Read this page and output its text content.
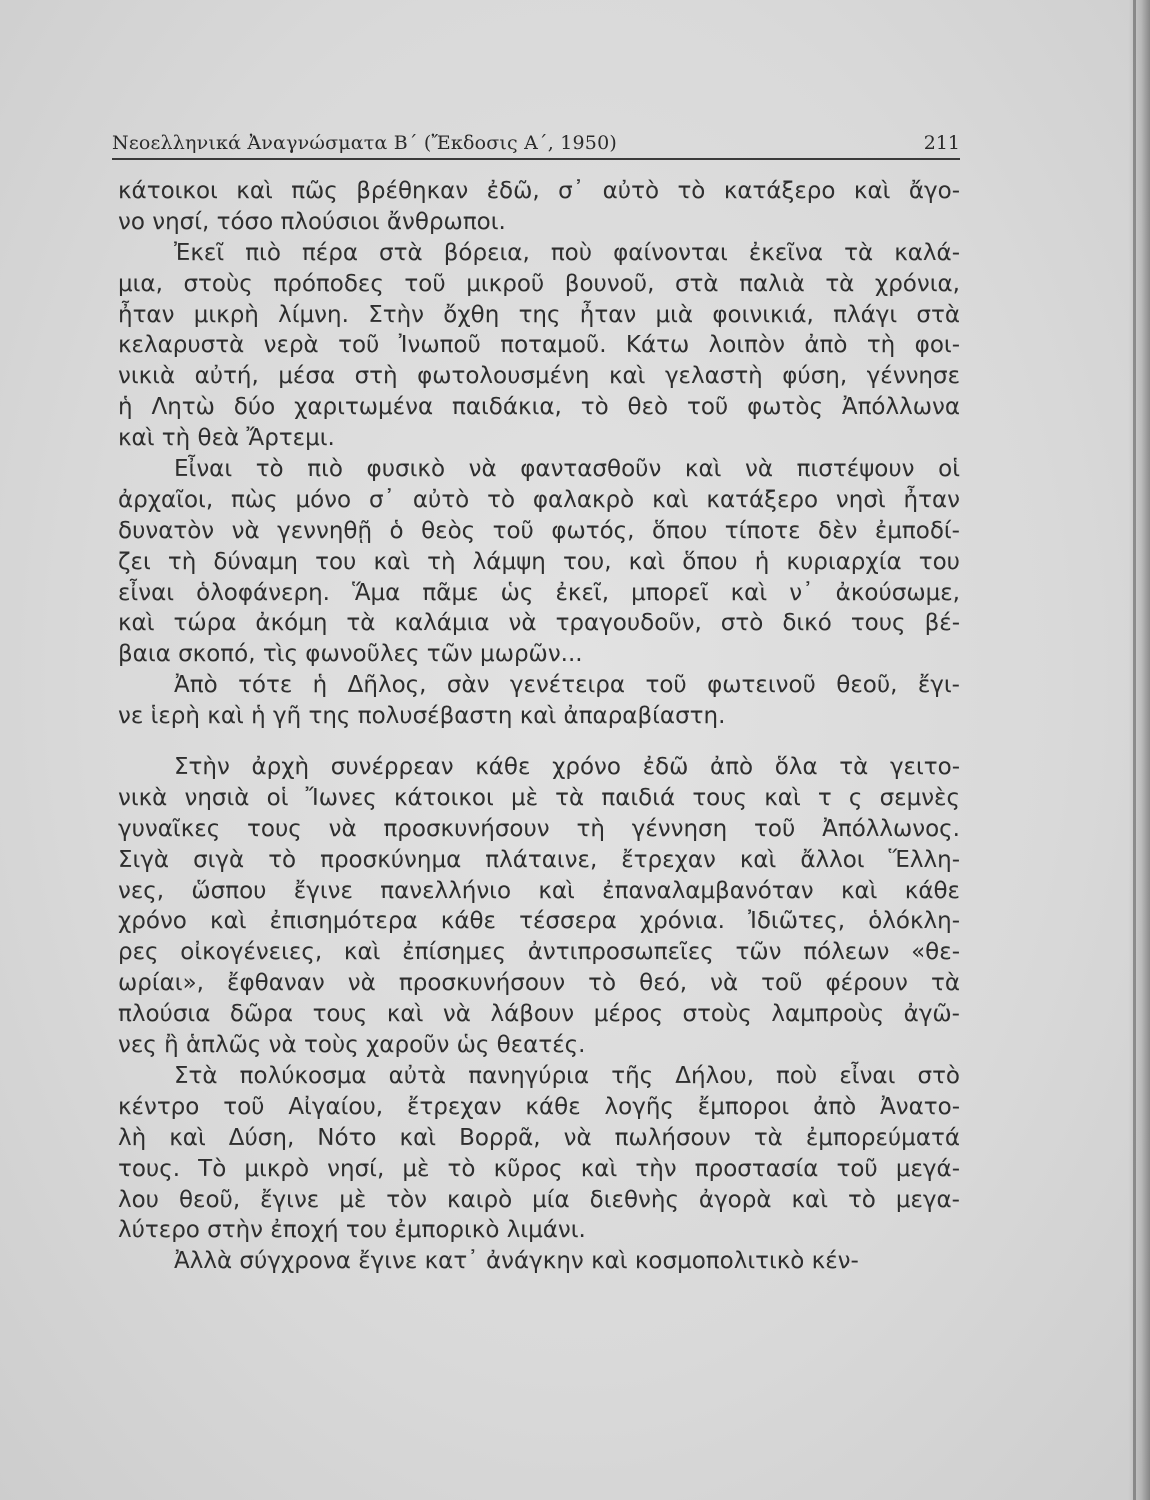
Νεοελληνικά Ἀναγνώσματα Β΄ (Ἔκδοσις Α΄, 1950)	211
κάτοικοι καὶ πῶς βρέθηκαν ἐδῶ, σ᾿ αὐτὸ τὸ κατάξερο καὶ ἄγο-
νο νησί, τόσο πλούσιοι ἄνθρωποι.
Ἐκεῖ πιὸ πέρα στὰ βόρεια, ποὺ φαίνονται ἐκεῖνα τὰ καλά-
μια, στοὺς πρόποδες τοῦ μικροῦ βουνοῦ, στὰ παλιὰ τὰ χρόνια,
ἦταν μικρὴ λίμνη. Στὴν ὄχθη της ἦταν μιὰ φοινικιά, πλάγι στὰ
κελαρυστὰ νερὰ τοῦ Ἰνωποῦ ποταμοῦ. Κάτω λοιπὸν ἀπὸ τὴ φοι-
νικιὰ αὐτή, μέσα στὴ φωτολουσμένη καὶ γελαστὴ φύση, γέννησε
ἡ Λητὼ δύο χαριτωμένα παιδάκια, τὸ θεὸ τοῦ φωτὸς Ἀπόλλωνα
καὶ τὴ θεὰ Ἄρτεμι.
Εἶναι τὸ πιὸ φυσικὸ νὰ φαντασθοῦν καὶ νὰ πιστέψουν οἱ
ἀρχαῖοι, πὼς μόνο σ᾿ αὐτὸ τὸ φαλακρὸ καὶ κατάξερο νησὶ ἦταν
δυνατὸν νὰ γεννηθῇ ὁ θεὸς τοῦ φωτός, ὅπου τίποτε δὲν ἐμποδί-
ζει τὴ δύναμη του καὶ τὴ λάμψη του, καὶ ὅπου ἡ κυριαρχία του
εἶναι ὁλοφάνερη. Ἅμα πᾶμε ὡς ἐκεῖ, μπορεῖ καὶ ν᾿ ἀκούσωμε,
καὶ τώρα ἀκόμη τὰ καλάμια νὰ τραγουδοῦν, στὸ δικό τους βέ-
βαια σκοπό, τὶς φωνοῦλες τῶν μωρῶν...
Ἀπὸ τότε ἡ Δῆλος, σὰν γενέτειρα τοῦ φωτεινοῦ θεοῦ, ἔγι-
νε ἱερὴ καὶ ἡ γῆ της πολυσέβαστη καὶ ἀπαραβίαστη.
Στὴν ἀρχὴ συνέρρεαν κάθε χρόνο ἐδῶ ἀπὸ ὅλα τὰ γειτο-
νικὰ νησιὰ οἱ Ἴωνες κάτοικοι μὲ τὰ παιδιά τους καὶ τ ς σεμνὲς
γυναῖκες τους νὰ προσκυνήσουν τὴ γέννηση τοῦ Ἀπόλλωνος.
Σιγὰ σιγὰ τὸ προσκύνημα πλάταινε, ἔτρεχαν καὶ ἄλλοι Ἕλλη-
νες, ὥσπου ἔγινε πανελλήνιο καὶ ἐπαναλαμβανόταν καὶ κάθε
χρόνο καὶ ἐπισημότερα κάθε τέσσερα χρόνια. Ἰδιῶτες, ὁλόκλη-
ρες οἰκογένειες, καὶ ἐπίσημες ἀντιπροσωπεῖες τῶν πόλεων «θε-
ωρίαι», ἔφθαναν νὰ προσκυνήσουν τὸ θεό, νὰ τοῦ φέρουν τὰ
πλούσια δῶρα τους καὶ νὰ λάβουν μέρος στοὺς λαμπροὺς ἀγῶ-
νες ἢ ἁπλῶς νὰ τοὺς χαροῦν ὡς θεατές.
Στὰ πολύκοσμα αὐτὰ πανηγύρια τῆς Δήλου, ποὺ εἶναι στὸ
κέντρο τοῦ Αἰγαίου, ἔτρεχαν κάθε λογῆς ἔμποροι ἀπὸ Ἀνατο-
λὴ καὶ Δύση, Νότο καὶ Βορρᾶ, νὰ πωλήσουν τὰ ἐμπορεύματά
τους. Τὸ μικρὸ νησί, μὲ τὸ κῦρος καὶ τὴν προστασία τοῦ μεγά-
λου θεοῦ, ἔγινε μὲ τὸν καιρὸ μία διεθνὴς ἀγορὰ καὶ τὸ μεγα-
λύτερο στὴν ἐποχή του ἐμπορικὸ λιμάνι.
Ἀλλὰ σύγχρονα ἔγινε κατ᾿ ἀνάγκην καὶ κοσμοπολιτικὸ κέν-
